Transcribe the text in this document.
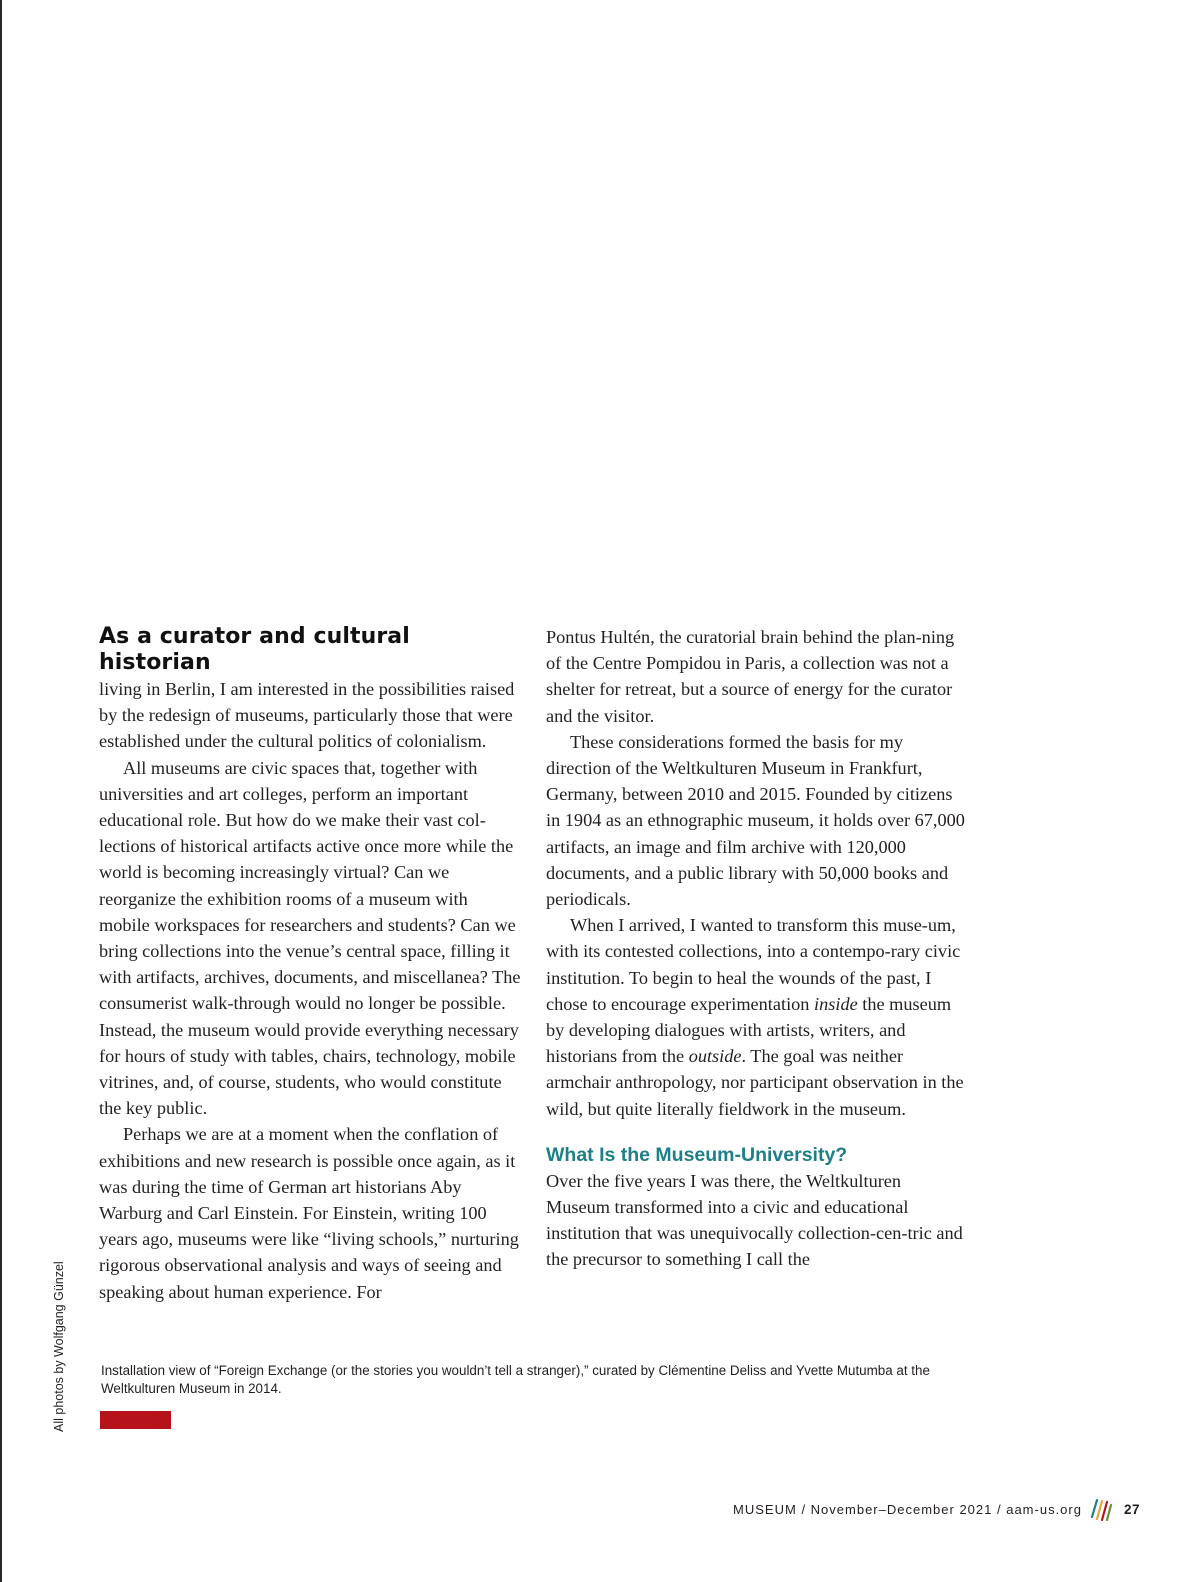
As a curator and cultural historian
living in Berlin, I am interested in the possibilities raised by the redesign of museums, particularly those that were established under the cultural politics of colonialism.

All museums are civic spaces that, together with universities and art colleges, perform an important educational role. But how do we make their vast col-lections of historical artifacts active once more while the world is becoming increasingly virtual? Can we reorganize the exhibition rooms of a museum with mobile workspaces for researchers and students? Can we bring collections into the venue’s central space, filling it with artifacts, archives, documents, and miscellanea? The consumerist walk-through would no longer be possible. Instead, the museum would provide everything necessary for hours of study with tables, chairs, technology, mobile vitrines, and, of course, students, who would constitute the key public.

Perhaps we are at a moment when the conflation of exhibitions and new research is possible once again, as it was during the time of German art historians Aby Warburg and Carl Einstein. For Einstein, writing 100 years ago, museums were like “living schools,” nurturing rigorous observational analysis and ways of seeing and speaking about human experience. For

Pontus Hultén, the curatorial brain behind the plan-ning of the Centre Pompidou in Paris, a collection was not a shelter for retreat, but a source of energy for the curator and the visitor.

These considerations formed the basis for my direction of the Weltkulturen Museum in Frankfurt, Germany, between 2010 and 2015. Founded by citizens in 1904 as an ethnographic museum, it holds over 67,000 artifacts, an image and film archive with 120,000 documents, and a public library with 50,000 books and periodicals.

When I arrived, I wanted to transform this muse-um, with its contested collections, into a contempo-rary civic institution. To begin to heal the wounds of the past, I chose to encourage experimentation inside the museum by developing dialogues with artists, writers, and historians from the outside. The goal was neither armchair anthropology, nor participant observation in the wild, but quite literally fieldwork in the museum.

What Is the Museum-University?

Over the five years I was there, the Weltkulturen Museum transformed into a civic and educational institution that was unequivocally collection-cen-tric and the precursor to something I call the

Installation view of “Foreign Exchange (or the stories you wouldn’t tell a stranger),” curated by Clémentine Deliss and Yvette Mutumba at the Weltkulturen Museum in 2014.
All photos by Wolfgang Günzel
MUSEUM / November–December 2021 / aam-us.org	27
